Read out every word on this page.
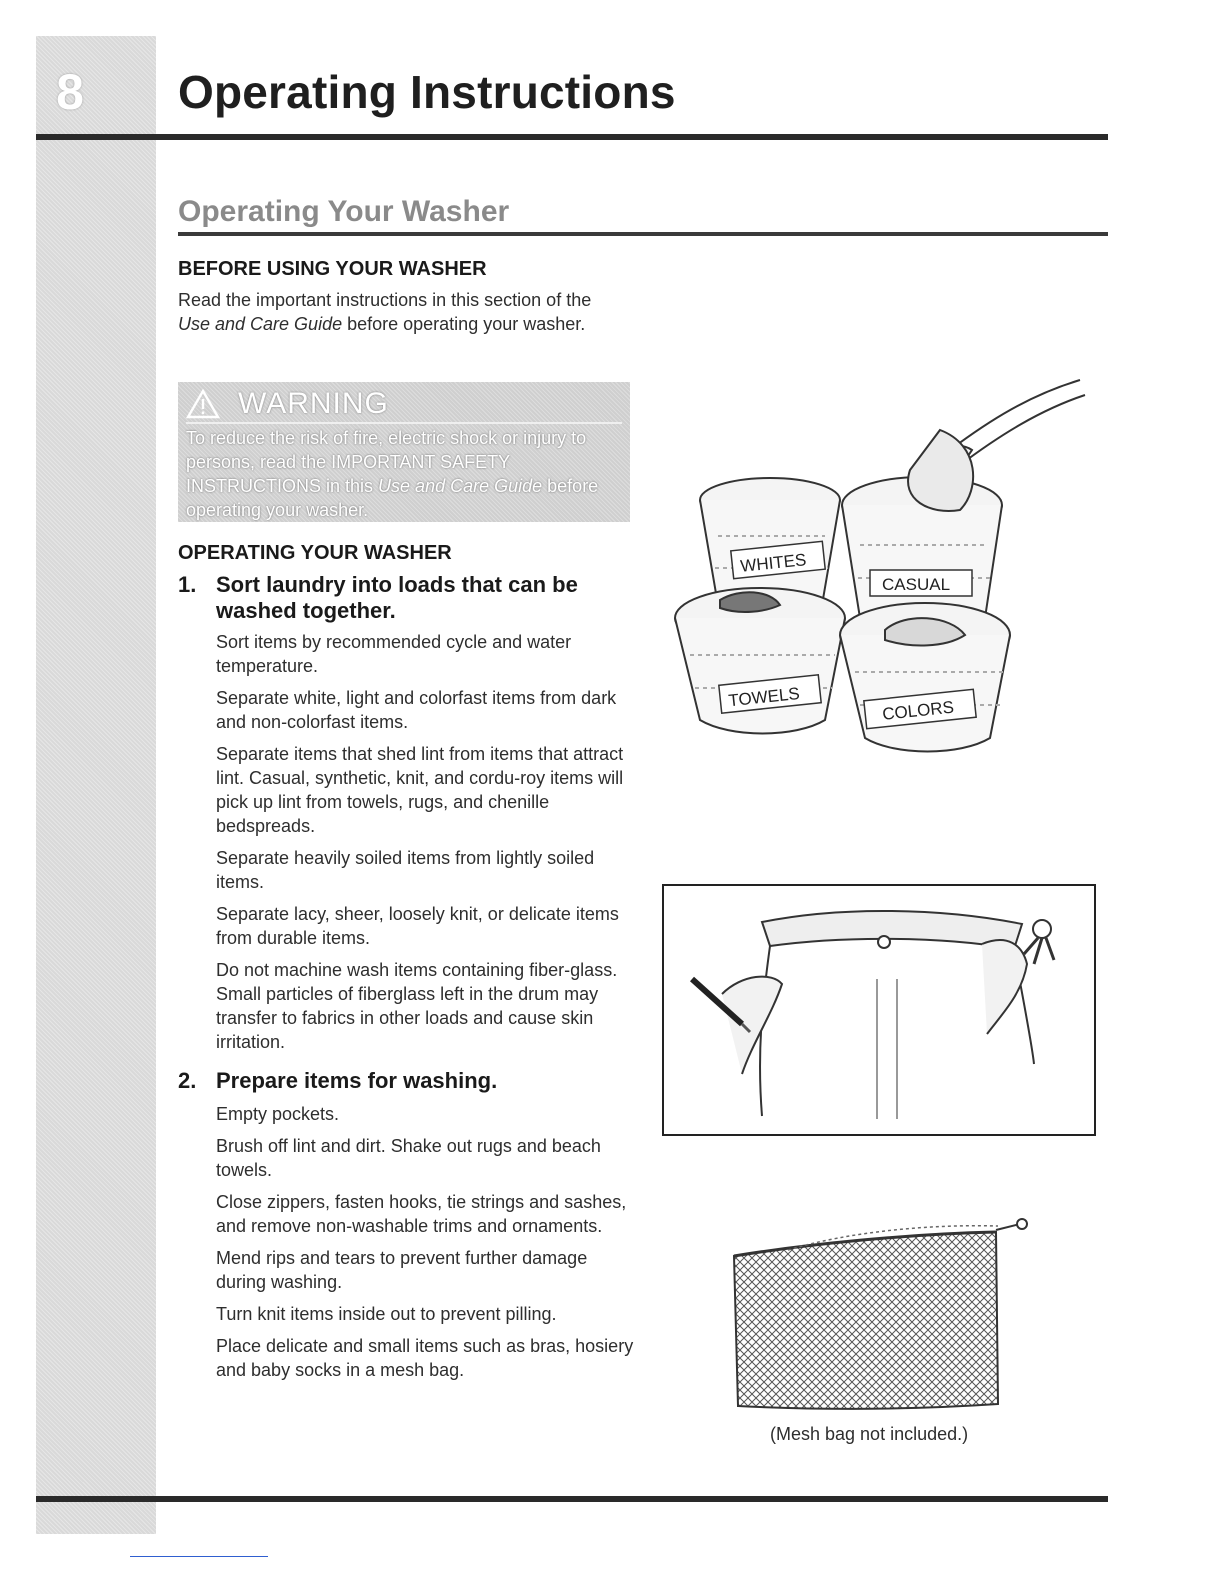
8 Operating Instructions
Operating Your Washer
BEFORE USING YOUR WASHER
Read the important instructions in this section of the Use and Care Guide before operating your washer.
WARNING
To reduce the risk of fire, electric shock or injury to persons, read the IMPORTANT SAFETY INSTRUCTIONS in this Use and Care Guide before operating your washer.
OPERATING YOUR WASHER
1. Sort laundry into loads that can be washed together.

Sort items by recommended cycle and water temperature.

Separate white, light and colorfast items from dark and non-colorfast items.

Separate items that shed lint from items that attract lint. Casual, synthetic, knit, and cordu-roy items will pick up lint from towels, rugs, and chenille bedspreads.

Separate heavily soiled items from lightly soiled items.

Separate lacy, sheer, loosely knit, or delicate items from durable items.

Do not machine wash items containing fiber-glass. Small particles of fiberglass left in the drum may transfer to fabrics in other loads and cause skin irritation.

2. Prepare items for washing.

Empty pockets.

Brush off lint and dirt. Shake out rugs and beach towels.

Close zippers, fasten hooks, tie strings and sashes, and remove non-washable trims and ornaments.

Mend rips and tears to prevent further damage during washing.

Turn knit items inside out to prevent pilling.

Place delicate and small items such as bras, hosiery and baby socks in a mesh bag.

WHITES
CASUAL
TOWELS
COLORS
(Mesh bag not included.)
